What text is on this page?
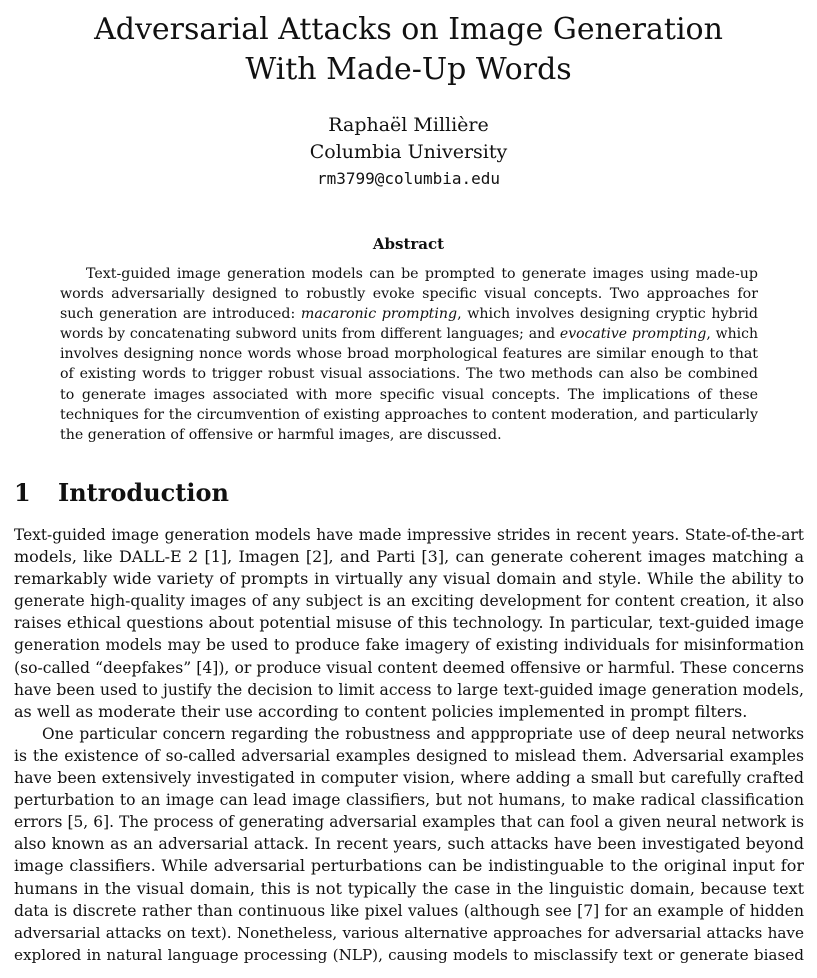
Adversarial Attacks on Image Generation
With Made-Up Words
Raphaël Millière
Columbia University
rm3799@columbia.edu
Abstract
Text-guided image generation models can be prompted to generate images using made-up
words adversarially designed to robustly evoke specific visual concepts. Two approaches for
such generation are introduced: macaronic prompting, which involves designing cryptic hybrid
words by concatenating subword units from different languages; and evocative prompting, which
involves designing nonce words whose broad morphological features are similar enough to that
of existing words to trigger robust visual associations. The two methods can also be combined
to generate images associated with more specific visual concepts. The implications of these
techniques for the circumvention of existing approaches to content moderation, and particularly
the generation of offensive or harmful images, are discussed.
1 Introduction
Text-guided image generation models have made impressive strides in recent years. State-of-the-art
models, like DALL-E 2 [1], Imagen [2], and Parti [3], can generate coherent images matching a
remarkably wide variety of prompts in virtually any visual domain and style. While the ability to
generate high-quality images of any subject is an exciting development for content creation, it also
raises ethical questions about potential misuse of this technology. In particular, text-guided image
generation models may be used to produce fake imagery of existing individuals for misinformation
(so-called “deepfakes” [4]), or produce visual content deemed offensive or harmful. These concerns
have been used to justify the decision to limit access to large text-guided image generation models,
as well as moderate their use according to content policies implemented in prompt filters.
One particular concern regarding the robustness and apppropriate use of deep neural networks
is the existence of so-called adversarial examples designed to mislead them. Adversarial examples
have been extensively investigated in computer vision, where adding a small but carefully crafted
perturbation to an image can lead image classifiers, but not humans, to make radical classification
errors [5, 6]. The process of generating adversarial examples that can fool a given neural network is
also known as an adversarial attack. In recent years, such attacks have been investigated beyond
image classifiers. While adversarial perturbations can be indistinguable to the original input for
humans in the visual domain, this is not typically the case in the linguistic domain, because text
data is discrete rather than continuous like pixel values (although see [7] for an example of hidden
adversarial attacks on text). Nonetheless, various alternative approaches for adversarial attacks have
explored in natural language processing (NLP), causing models to misclassify text or generate biased
